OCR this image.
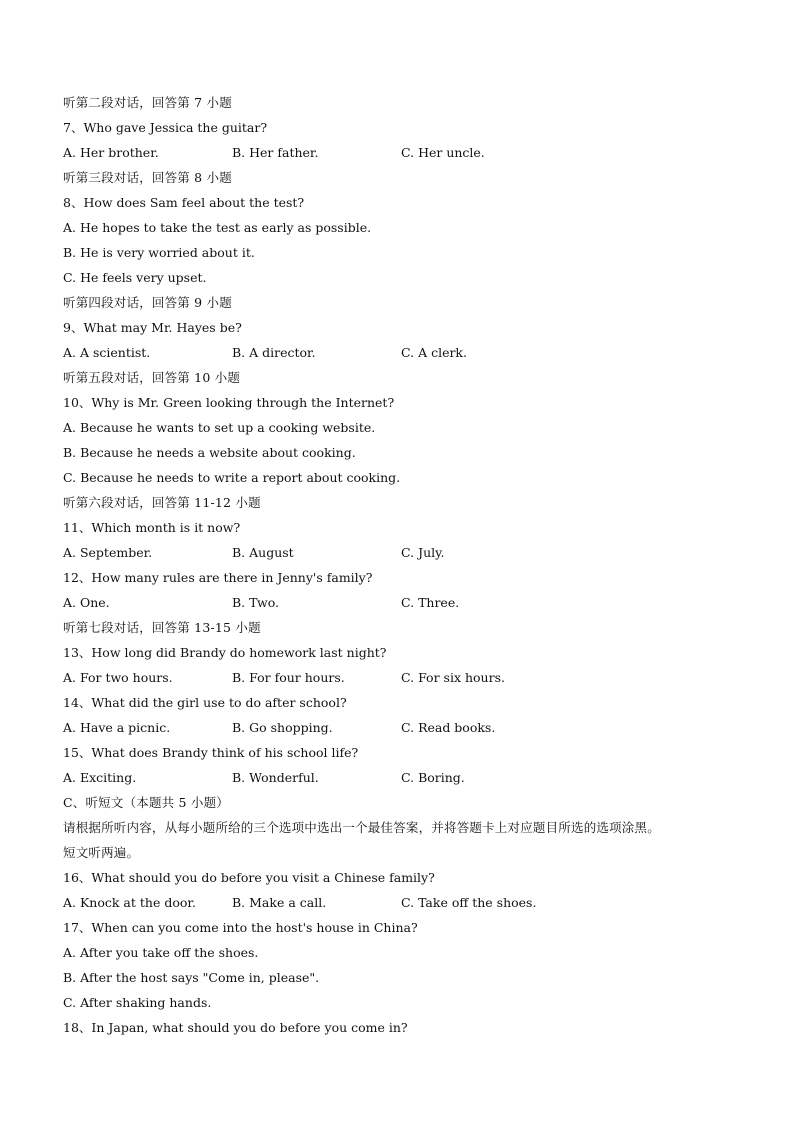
听第二段对话，回答第 7 小题
7、Who gave Jessica the guitar?
A. Her brother.	B. Her father.	C. Her uncle.
听第三段对话，回答第 8 小题
8、How does Sam feel about the test?
A. He hopes to take the test as early as possible.
B. He is very worried about it.
C. He feels very upset.
听第四段对话，回答第 9 小题
9、What may Mr. Hayes be?
A. A scientist.	B. A director.	C. A clerk.
听第五段对话，回答第 10 小题
10、Why is Mr. Green looking through the Internet?
A. Because he wants to set up a cooking website.
B. Because he needs a website about cooking.
C. Because he needs to write a report about cooking.
听第六段对话，回答第 11-12 小题
11、Which month is it now?
A. September.	B. August	C. July.
12、How many rules are there in Jenny's family?
A. One.	B. Two.	C. Three.
听第七段对话，回答第 13-15 小题
13、How long did Brandy do homework last night?
A. For two hours.	B. For four hours.	C. For six hours.
14、What did the girl use to do after school?
A. Have a picnic.	B. Go shopping.	C. Read books.
15、What does Brandy think of his school life?
A. Exciting.	B. Wonderful.	C. Boring.
C、听短文（本题共 5 小题）
请根据所听内容，从每小题所给的三个选项中选出一个最佳答案，并将答题卡上对应题目所选的选项涂黑。
短文听两遍。
16、What should you do before you visit a Chinese family?
A. Knock at the door.	B. Make a call.	C. Take off the shoes.
17、When can you come into the host's house in China?
A. After you take off the shoes.
B. After the host says "Come in, please".
C. After shaking hands.
18、In Japan, what should you do before you come in?
